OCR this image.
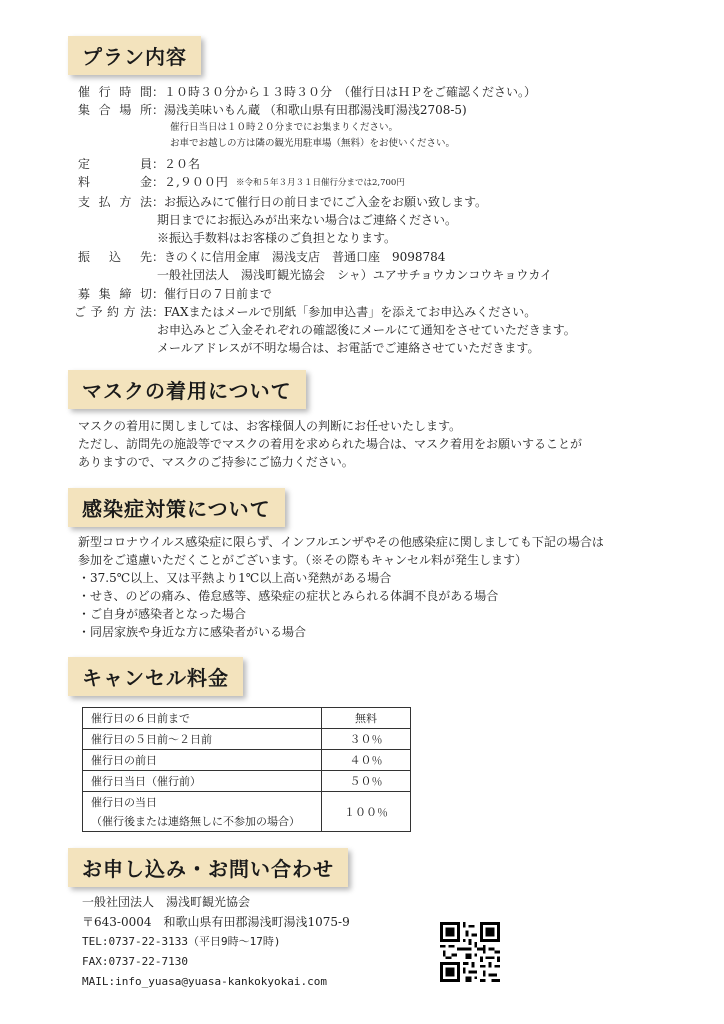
プラン内容
催行時間 ：１０時３０分から１３時３０分　（催行日はＨＰをご確認ください。）
集合場所 ：湯浅美味いもん蔵 （和歌山県有田郡湯浅町湯浅2708-5)
催行日当日は１０時２０分までにお集まりください。
お車でお越しの方は隣の観光用駐車場（無料）をお使いください。
定　員 ：２０名
料　金 ：２,９００円 ※令和５年３月３１日催行分までは2,700円
支払方法 ：お振込みにて催行日の前日までにご入金をお願い致します。
期日までにお振込みが出来ない場合はご連絡ください。
※振込手数料はお客様のご負担となります。
振 込 先 ：きのくに信用金庫　湯浅支店　普通口座　9098784
一般社団法人　湯浅町観光協会　シャ）ユアサチョウカンコウキョウカイ
募集締切 ：催行日の７日前まで
ご予約方法 ：FAXまたはメールで別紙「参加申込書」を添えてお申込みください。
お申込みとご入金それぞれの確認後にメールにて通知をさせていただきます。
メールアドレスが不明な場合は、お電話でご連絡させていただきます。
マスクの着用について
マスクの着用に関しましては、お客様個人の判断にお任せいたします。
ただし、訪問先の施設等でマスクの着用を求められた場合は、マスク着用をお願いすることが
ありますので、マスクのご持参にご協力ください。
感染症対策について
新型コロナウイルス感染症に限らず、インフルエンザやその他感染症に関しましても下記の場合は
参加をご遠慮いただくことがございます。（※その際もキャンセル料が発生します）
・37.5℃以上、又は平熱より1℃以上高い発熱がある場合
・せき、のどの痛み、倦怠感等、感染症の症状とみられる体調不良がある場合
・ご自身が感染者となった場合
・同居家族や身近な方に感染者がいる場合
キャンセル料金
催行日の６日前まで	無料
催行日の５日前～２日前	３０％
催行日の前日	４０％
催行日当日（催行前）	５０％

催行日の当日
（催行後または連絡無しに不参加の場合）	１００％
お申し込み・お問い合わせ
一般社団法人　湯浅町観光協会
〒643-0004　和歌山県有田郡湯浅町湯浅1075-9
TEL:0737-22-3133（平日9時～17時)
FAX:0737-22-7130
MAIL:info_yuasa@yuasa-kankokyokai.com
